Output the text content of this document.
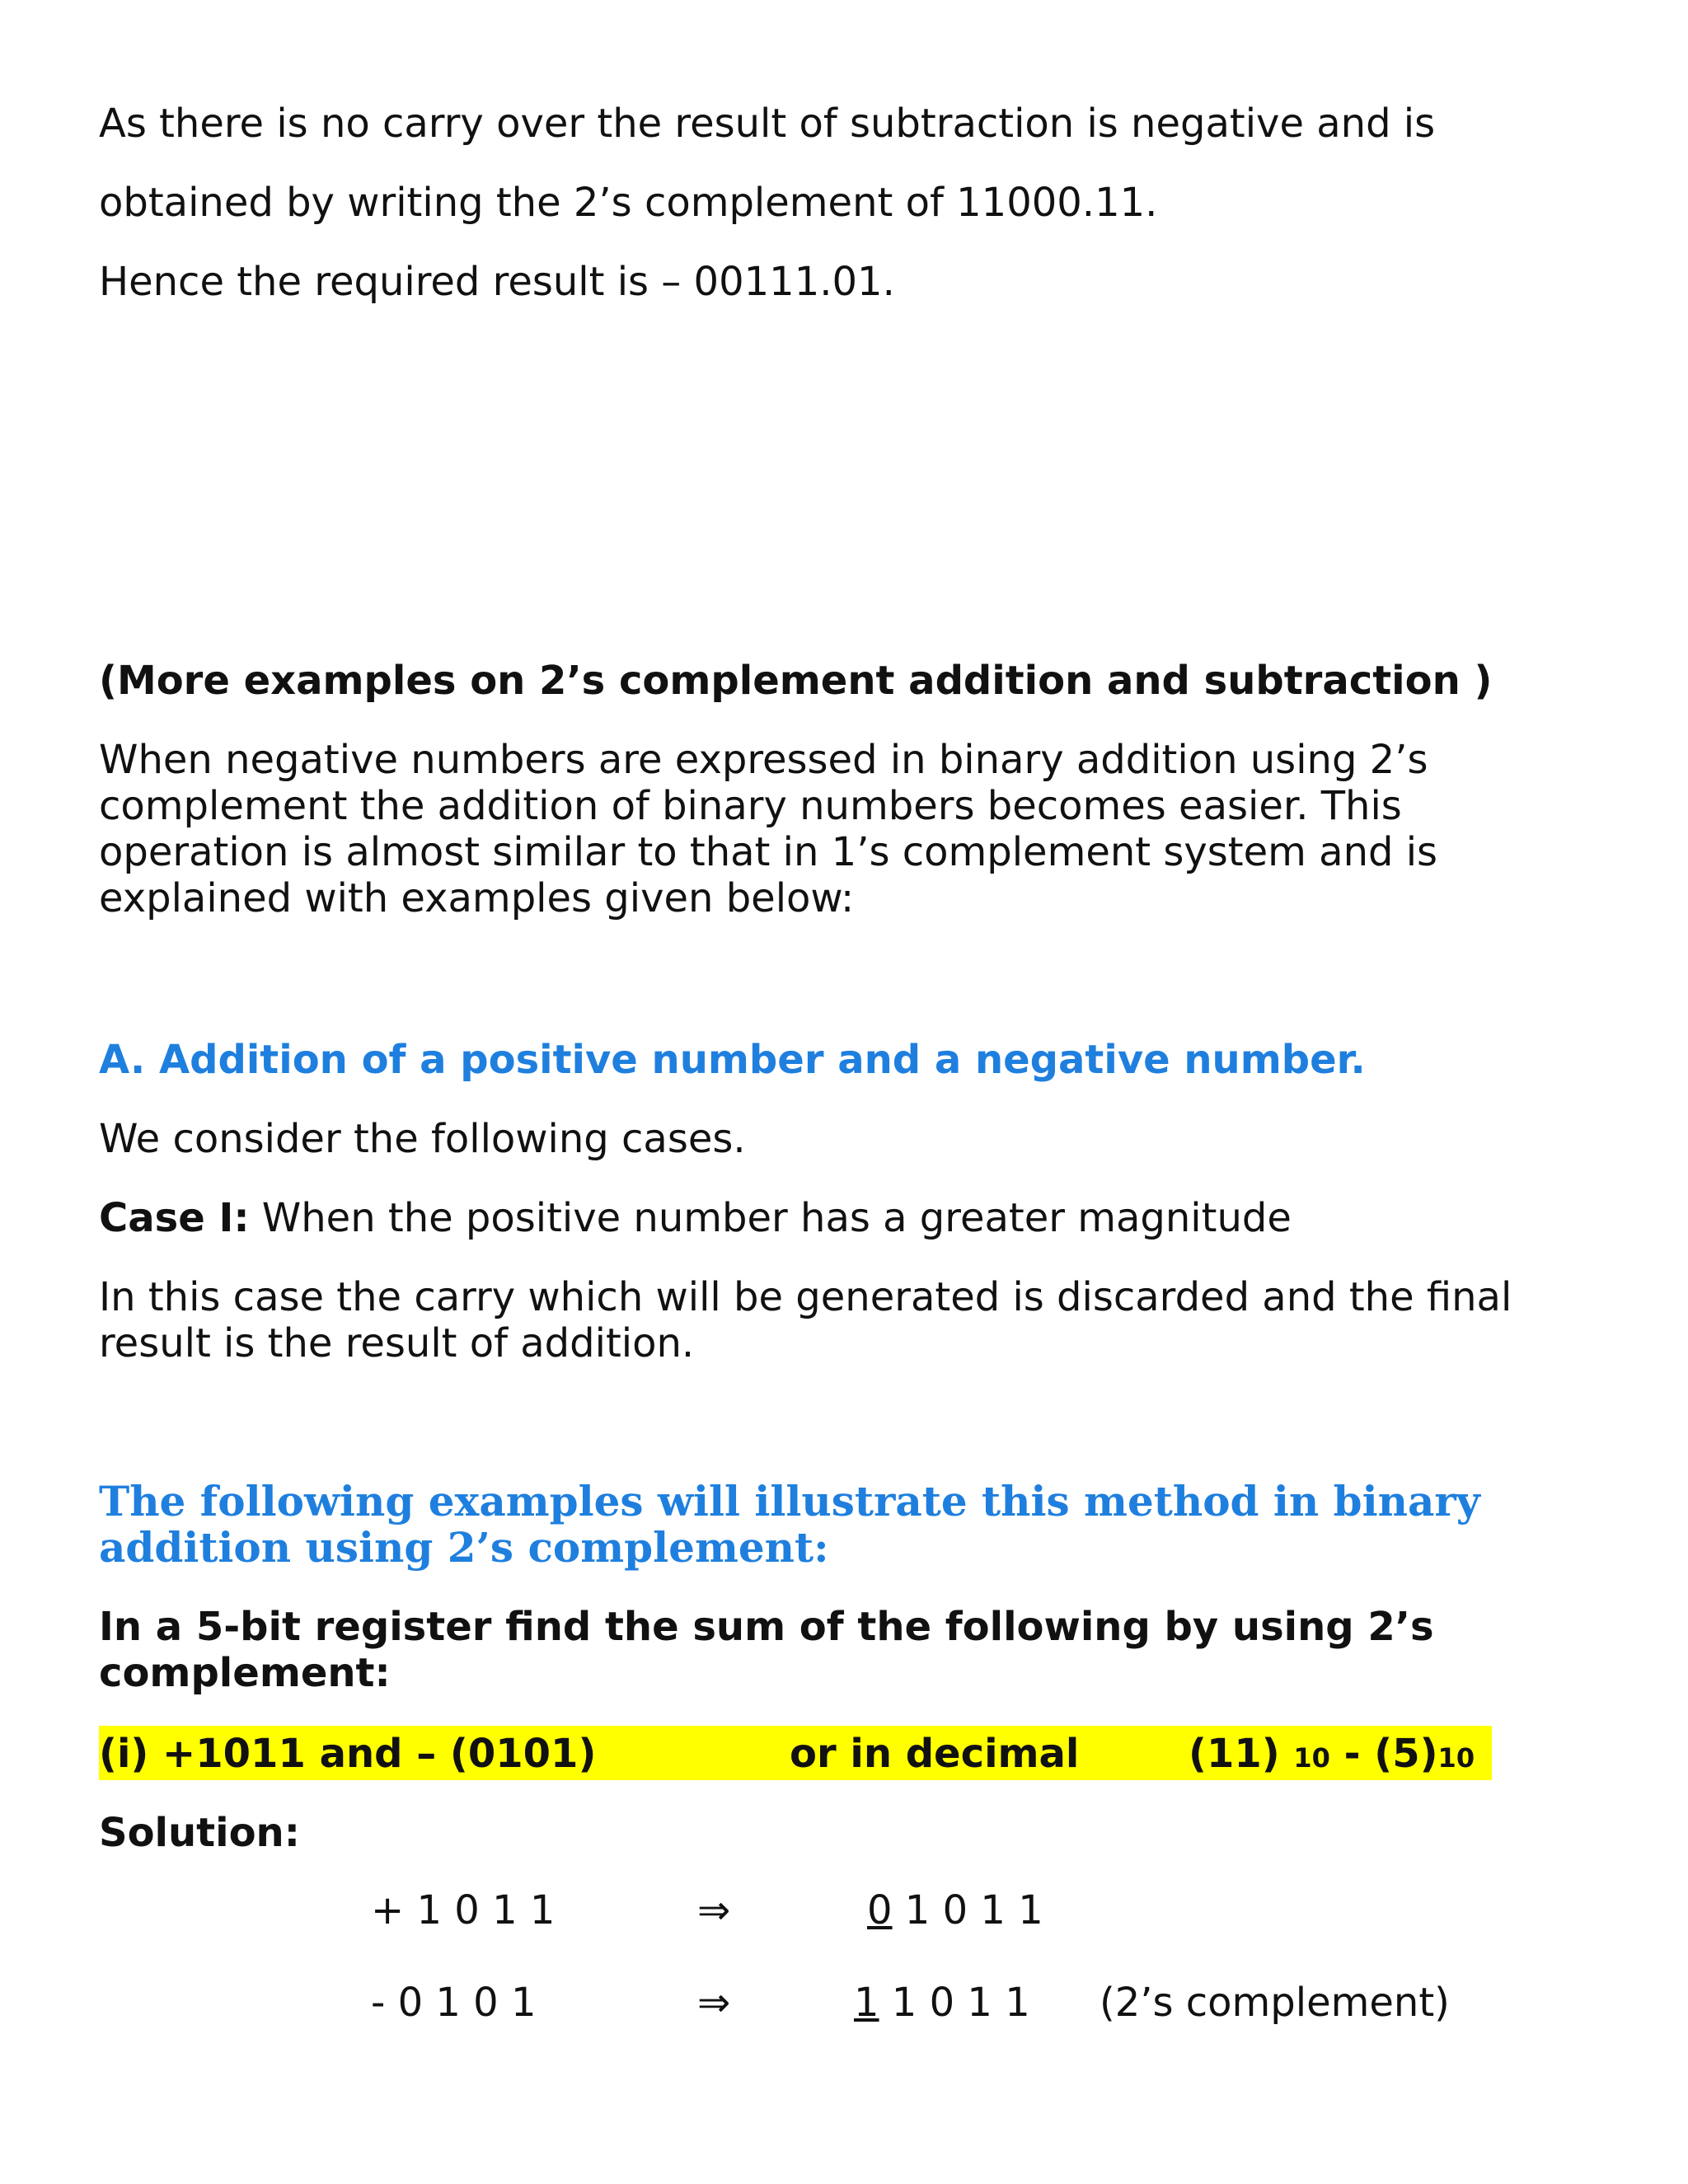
As there is no carry over the result of subtraction is negative and is
obtained by writing the 2’s complement of 11000.11.
Hence the required result is – 00111.01.
(More examples on 2’s complement addition and subtraction )
When negative numbers are expressed in binary addition using 2’s complement the addition of binary numbers becomes easier. This operation is almost similar to that in 1’s complement system and is explained with examples given below:
A. Addition of a positive number and a negative number.
We consider the following cases.
Case I: When the positive number has a greater magnitude
In this case the carry which will be generated is discarded and the final result is the result of addition.
The following examples will illustrate this method in binary addition using 2’s complement:
In a 5-bit register find the sum of the following by using 2’s complement:
(i) +1011 and – (0101)	or in decimal	(11) 10 - (5)10
Solution:
+ 1 0 1 1	⇒	0 1 0 1 1
- 0 1 0 1	⇒	1 1 0 1 1 (2’s complement)
